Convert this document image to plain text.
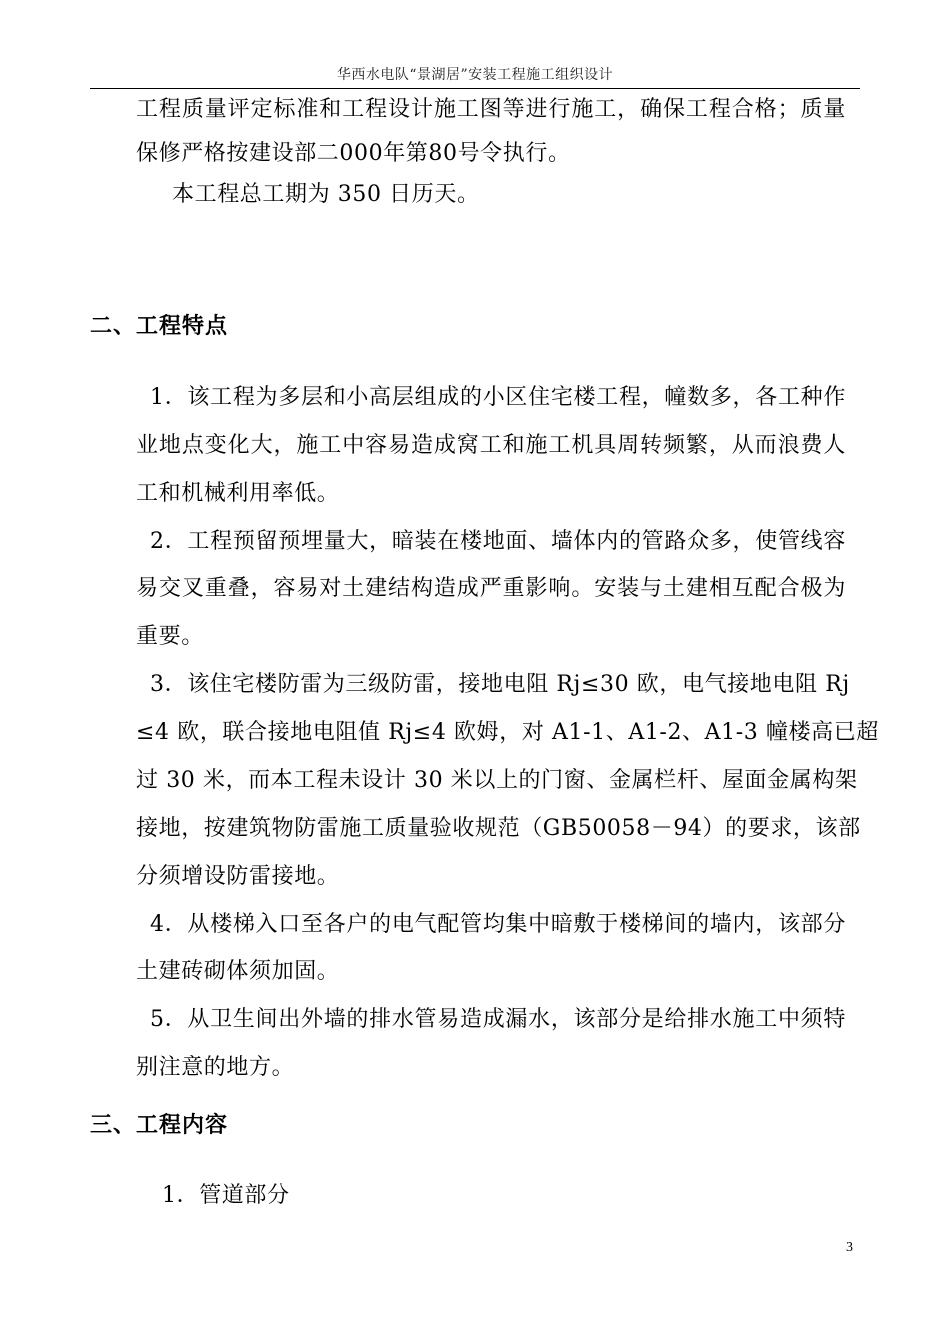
华西水电队“景湖居”安装工程施工组织设计
工程质量评定标准和工程设计施工图等进行施工，确保工程合格；质量
保修严格按建设部二000年第80号令执行。
本工程总工期为 350 日历天。
二、工程特点
1．该工程为多层和小高层组成的小区住宅楼工程，幢数多，各工种作
业地点变化大，施工中容易造成窝工和施工机具周转频繁，从而浪费人
工和机械利用率低。
2．工程预留预埋量大，暗装在楼地面、墙体内的管路众多，使管线容
易交叉重叠，容易对土建结构造成严重影响。安装与土建相互配合极为
重要。
3．该住宅楼防雷为三级防雷，接地电阻 Rj≤30 欧，电气接地电阻 Rj
≤4 欧，联合接地电阻值 Rj≤4 欧姆，对 A1-1、A1-2、A1-3 幢楼高已超
过 30 米，而本工程未设计 30 米以上的门窗、金属栏杆、屋面金属构架
接地，按建筑物防雷施工质量验收规范（GB50058－94）的要求，该部
分须增设防雷接地。
4．从楼梯入口至各户的电气配管均集中暗敷于楼梯间的墙内，该部分
土建砖砌体须加固。
5．从卫生间出外墙的排水管易造成漏水，该部分是给排水施工中须特
别注意的地方。
三、工程内容
1．管道部分
3
